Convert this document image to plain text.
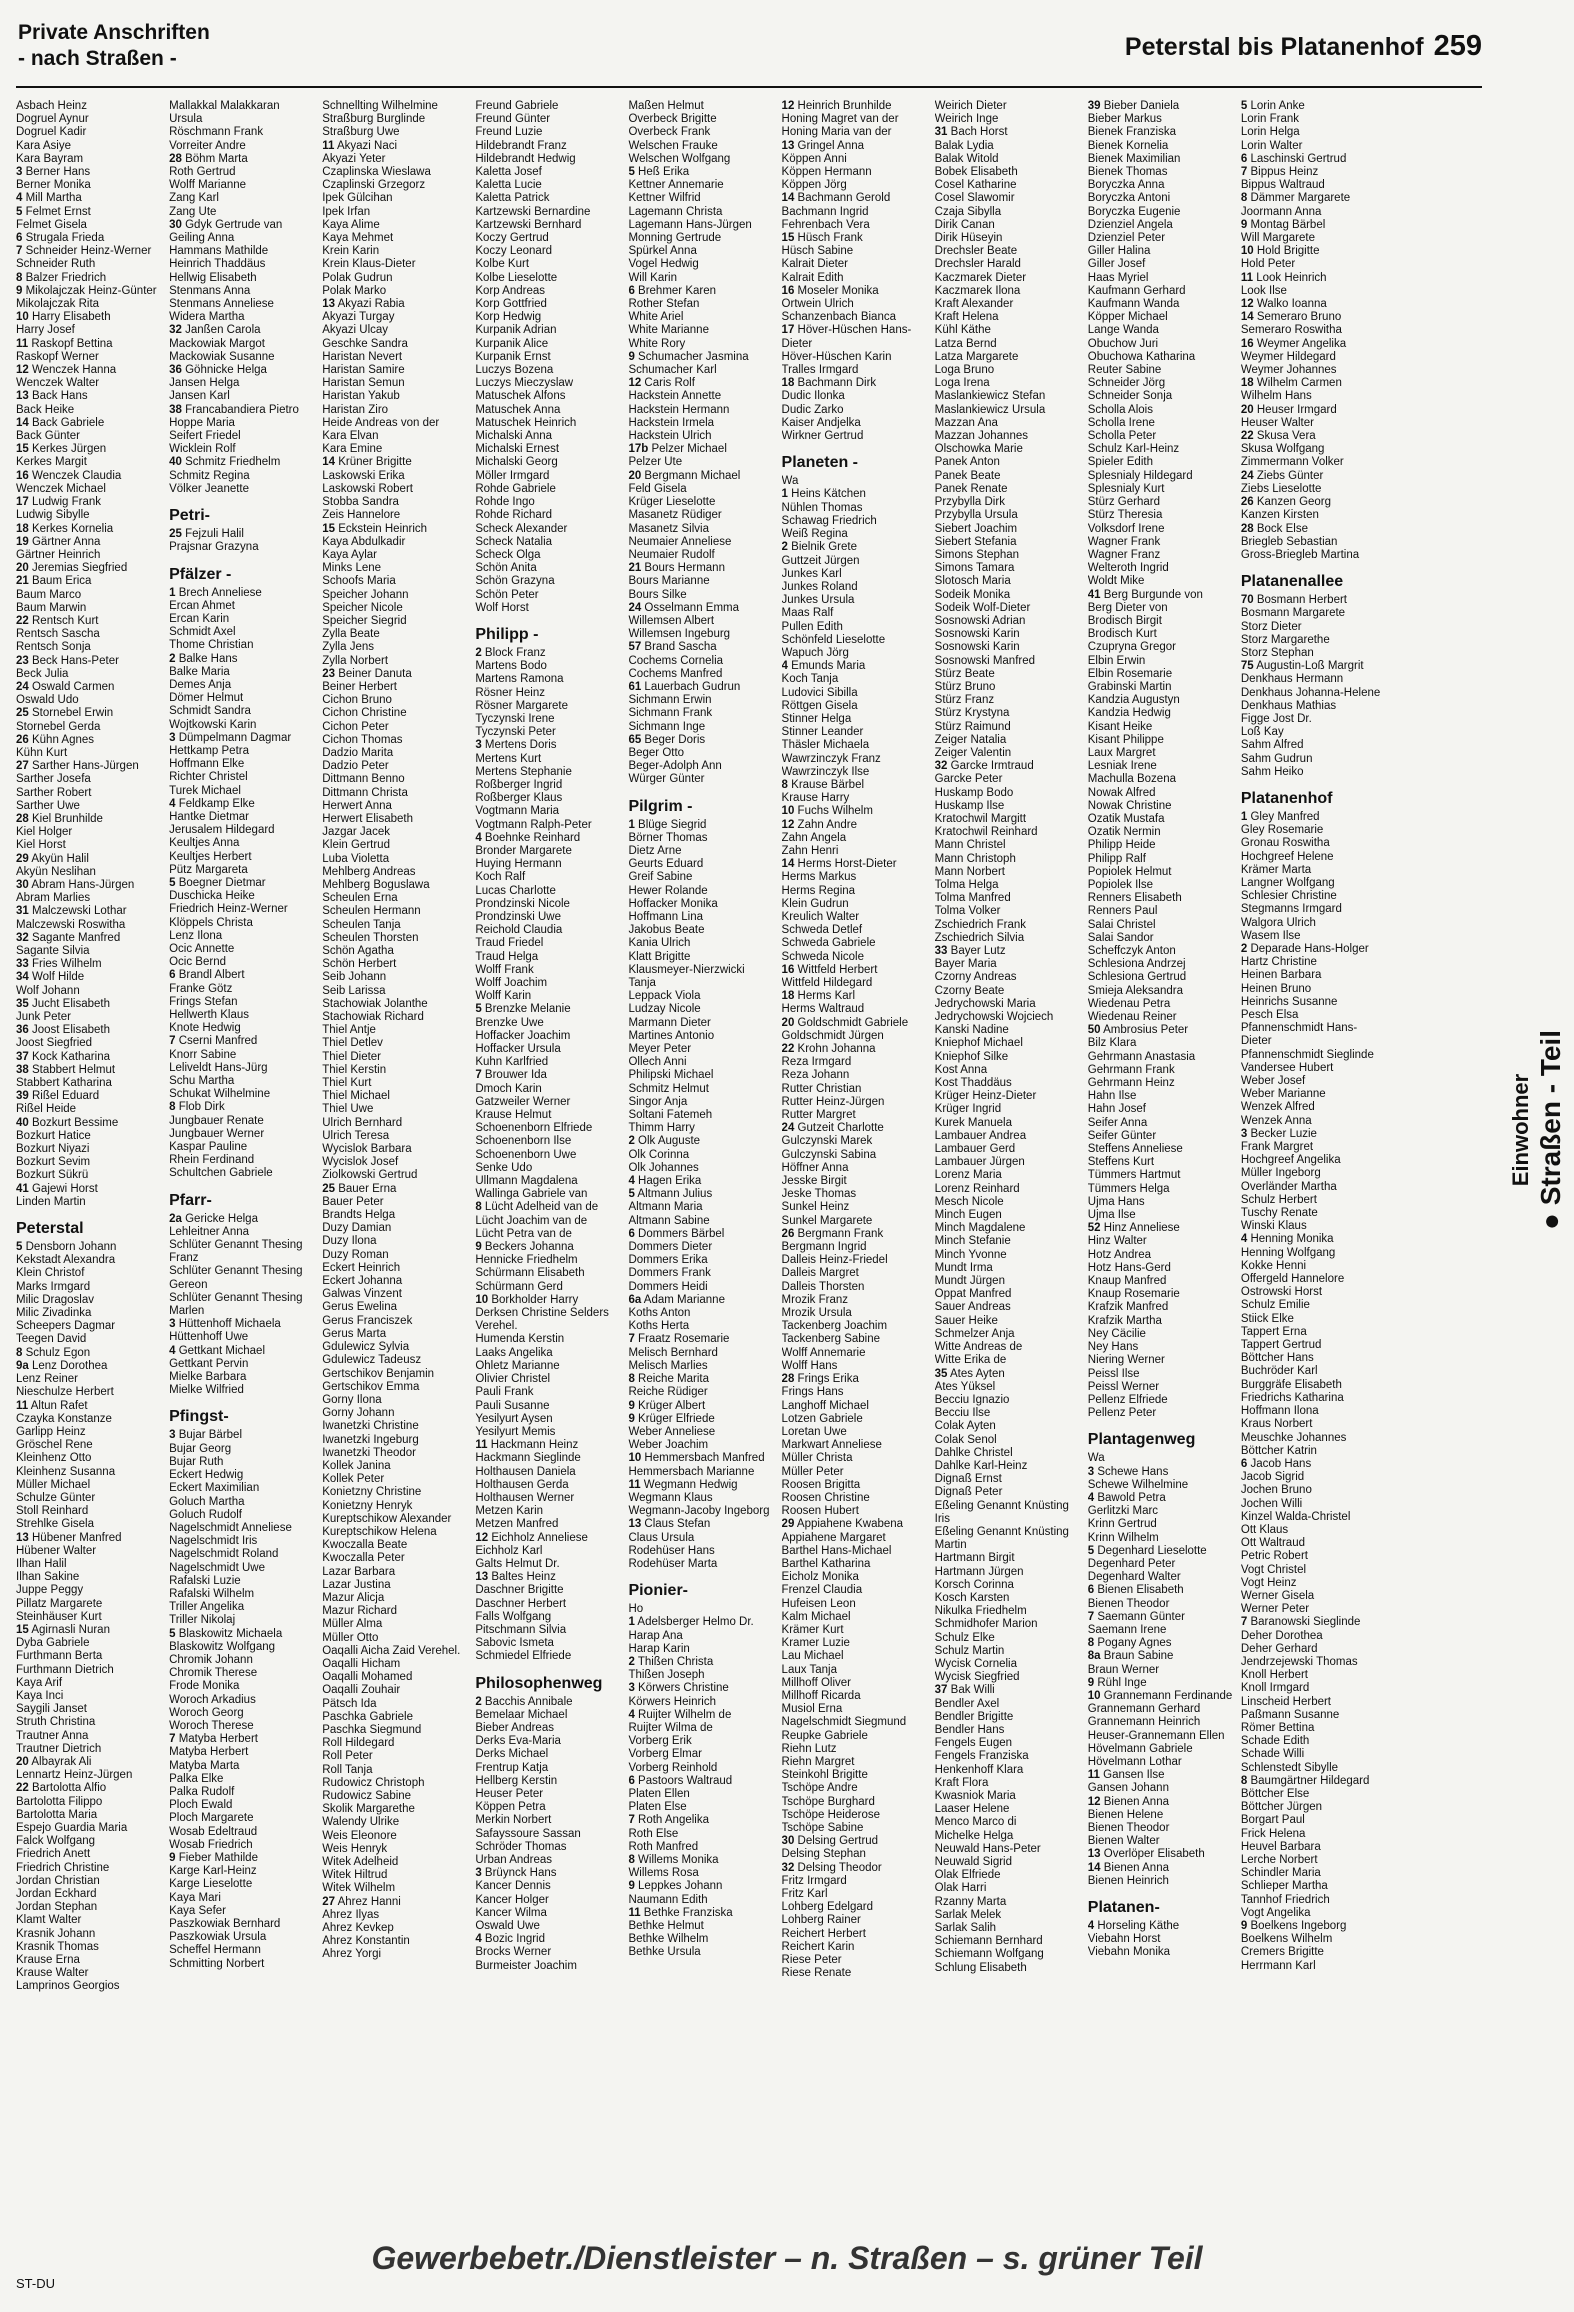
Private Anschriften
- nach Straßen -	Peterstal bis Platanenhof 259
Asbach Heinz
Dogruel Aynur
Dogruel Kadir
Kara Asiye
Kara Bayram
3 Berner Hans
Berner Monika
4 Mill Martha
5 Felmet Ernst
Felmet Gisela
6 Strugala Frieda
7 Schneider Heinz-Werner
Schneider Ruth
8 Balzer Friedrich
9 Mikolajczak Heinz-Günter
Mikolajczak Rita
10 Harry Elisabeth
Harry Josef
11 Raskopf Bettina
Raskopf Werner
12 Wenczek Hanna
Wenczek Walter
13 Back Hans
Back Heike
14 Back Gabriele
Back Günter
15 Kerkes Jürgen
Kerkes Margit
16 Wenczek Claudia
Wenczek Michael
17 Ludwig Frank
Ludwig Sibylle
18 Kerkes Kornelia
19 Gärtner Anna
Gärtner Heinrich
20 Jeremias Siegfried
21 Baum Erica
Baum Marco
Baum Marwin
22 Rentsch Kurt
Rentsch Sascha
Rentsch Sonja
23 Beck Hans-Peter
Beck Julia
24 Oswald Carmen
Oswald Udo
25 Stornebel Erwin
Stornebel Gerda
26 Kühn Agnes
Kühn Kurt
27 Sarther Hans-Jürgen
Sarther Josefa
Sarther Robert
Sarther Uwe
28 Kiel Brunhilde
Kiel Holger
Kiel Horst
29 Akyün Halil
Akyün Neslihan
30 Abram Hans-Jürgen
Abram Marlies
31 Malczewski Lothar
Malczewski Roswitha
32 Sagante Manfred
Sagante Silvia
33 Fries Wilhelm
34 Wolf Hilde
Wolf Johann
35 Jucht Elisabeth
Junk Peter
36 Joost Elisabeth
Joost Siegfried
37 Kock Katharina
38 Stabbert Helmut
Stabbert Katharina
39 Rißel Eduard
Rißel Heide
40 Bozkurt Bessime
Bozkurt Hatice
Bozkurt Niyazi
Bozkurt Sevim
Bozkurt Sükrü
41 Gajewi Horst
Linden Martin
Peterstal
5 Densborn Johann
Kekstadt Alexandra
Klein Christof
Marks Irmgard
Milic Dragoslav
Milic Zivadinka
Scheepers Dagmar
Teegen David
8 Schulz Egon
9a Lenz Dorothea
Lenz Reiner
Nieschulze Herbert
11 Altun Rafet
Czayka Konstanze
Garlipp Heinz
Gröschel Rene
Kleinhenz Otto
Kleinhenz Susanna
Müller Michael
Schulze Günter
Stoll Reinhard
Strehlke Gisela
13 Hübener Manfred
Hübener Walter
Ilhan Halil
Ilhan Sakine
Juppe Peggy
Pillatz Margarete
Steinhäuser Kurt
15 Agirnasli Nuran
Dyba Gabriele
Furthmann Berta
Furthmann Dietrich
Kaya Arif
Kaya Inci
Saygili Janset
Struth Christina
Trautner Anna
Trautner Dietrich
20 Albayrak Ali
Lennartz Heinz-Jürgen
22 Bartolotta Alfio
Bartolotta Filippo
Bartolotta Maria
Espejo Guardia Maria
Falck Wolfgang
Friedrich Anett
Friedrich Christine
Jordan Christian
Jordan Eckhard
Jordan Stephan
Klamt Walter
Krasnik Johann
Krasnik Thomas
Krause Erna
Krause Walter
Lamprinos Georgios
Mallakkal Malakkaran
Ursula
Röschmann Frank
Vorreiter Andre
28 Böhm Marta
Roth Gertrud
Wolff Marianne
Zang Karl
Zang Ute
30 Gdyk Gertrude van
Geiling Anna
Hammans Mathilde
Heinrich Thaddäus
Hellwig Elisabeth
Stenmans Anna
Stenmans Anneliese
Widera Martha
32 Janßen Carola
Mackowiak Margot
Mackowiak Susanne
36 Göhnicke Helga
Jansen Helga
Jansen Karl
38 Francabandiera Pietro
Hoppe Maria
Seifert Friedel
Wicklein Rolf
40 Schmitz Friedhelm
Schmitz Regina
Völker Jeanette
Petri-
25 Fejzuli Halil
Prajsnar Grazyna
Pfälzer -
1 Brech Anneliese
Ercan Ahmet
Ercan Karin
Schmidt Axel
Thome Christian
2 Balke Hans
Balke Maria
Demes Anja
Dömer Helmut
Schmidt Sandra
Wojtkowski Karin
3 Dümpelmann Dagmar
Hettkamp Petra
Hoffmann Elke
Richter Christel
Turek Michael
4 Feldkamp Elke
Hantke Dietmar
Jerusalem Hildegard
Keultjes Anna
Keultjes Herbert
Pütz Margareta
5 Boegner Dietmar
Duschicka Heike
Friedrich Heinz-Werner
Klöppels Christa
Lenz Ilona
Ocic Annette
Ocic Bernd
6 Brandl Albert
Franke Götz
Frings Stefan
Hellwerth Klaus
Knote Hedwig
7 Cserni Manfred
Knorr Sabine
Leliveldt Hans-Jürg
Schu Martha
Schukat Wilhelmine
8 Flob Dirk
Jungbauer Renate
Jungbauer Werner
Kaspar Pauline
Rhein Ferdinand
Schultchen Gabriele
Pfarr-
2a Gericke Helga
Lehleitner Anna
Schlüter Genannt Thesing
Franz
Schlüter Genannt Thesing
Gereon
Schlüter Genannt Thesing
Marlen
3 Hüttenhoff Michaela
Hüttenhoff Uwe
4 Gettkant Michael
Gettkant Pervin
Mielke Barbara
Mielke Wilfried
Pfingst-
3 Bujar Bärbel
Bujar Georg
Bujar Ruth
Eckert Hedwig
Eckert Maximilian
Goluch Martha
Goluch Rudolf
Nagelschmidt Anneliese
Nagelschmidt Iris
Nagelschmidt Roland
Nagelschmidt Uwe
Rafalski Luzie
Rafalski Wilhelm
Triller Angelika
Triller Nikolaj
5 Blaskowitz Michaela
Blaskowitz Wolfgang
Chromik Johann
Chromik Therese
Frode Monika
Woroch Arkadius
Woroch Georg
Woroch Therese
7 Matyba Herbert
Matyba Herbert
Matyba Marta
Palka Elke
Palka Rudolf
Ploch Ewald
Ploch Margarete
Wosab Edeltraud
Wosab Friedrich
9 Fieber Mathilde
Karge Karl-Heinz
Karge Lieselotte
Kaya Mari
Kaya Sefer
Paszkowiak Bernhard
Paszkowiak Ursula
Scheffel Hermann
Schmitting Norbert
Schnellting Wilhelmine
Straßburg Burglinde
Straßburg Uwe
11 Akyazi Naci
Akyazi Yeter
Czaplinska Wieslawa
Czaplinski Grzegorz
Ipek Gülcihan
Ipek Irfan
Kaya Alime
Kaya Mehmet
Krein Karin
Krein Klaus-Dieter
Polak Gudrun
Polak Marko
13 Akyazi Rabia
Akyazi Turgay
Akyazi Ulcay
Geschke Sandra
Haristan Nevert
Haristan Samire
Haristan Semun
Haristan Yakub
Haristan Ziro
Heide Andreas von der
Kara Elvan
Kara Emine
14 Krüner Brigitte
Laskowski Erika
Laskowski Robert
Stobba Sandra
Zeis Hannelore
15 Eckstein Heinrich
Kaya Abdulkadir
Kaya Aylar
Minks Lene
Schoofs Maria
Speicher Johann
Speicher Nicole
Speicher Siegrid
Zylla Beate
Zylla Jens
Zylla Norbert
23 Beiner Danuta
Beiner Herbert
Cichon Bruno
Cichon Christine
Cichon Peter
Cichon Thomas
Dadzio Marita
Dadzio Peter
Dittmann Benno
Dittmann Christa
Herwert Anna
Herwert Elisabeth
Jazgar Jacek
Klein Gertrud
Luba Violetta
Mehlberg Andreas
Mehlberg Boguslawa
Scheulen Erna
Scheulen Hermann
Scheulen Tanja
Scheulen Thorsten
Schön Agatha
Schön Herbert
Seib Johann
Seib Larissa
Stachowiak Jolanthe
Stachowiak Richard
Thiel Antje
Thiel Detlev
Thiel Dieter
Thiel Kerstin
Thiel Kurt
Thiel Michael
Thiel Uwe
Ulrich Bernhard
Ulrich Teresa
Wycislok Barbara
Wycislok Josef
Ziolkowski Gertrud
25 Bauer Erna
Bauer Peter
Brandts Helga
Duzy Damian
Duzy Ilona
Duzy Roman
Eckert Heinrich
Eckert Johanna
Galwas Vinzent
Gerus Ewelina
Gerus Franciszek
Gerus Marta
Gdulewicz Sylvia
Gdulewicz Tadeusz
Gertschikov Benjamin
Gertschikov Emma
Gorny Ilona
Gorny Johann
Iwanetzki Christine
Iwanetzki Ingeburg
Iwanetzki Theodor
Kollek Janina
Kollek Peter
Konietzny Christine
Konietzny Henryk
Kureptschikow Alexander
Kureptschikow Helena
Kwoczalla Beate
Kwoczalla Peter
Lazar Barbara
Lazar Justina
Mazur Alicja
Mazur Richard
Müller Alma
Müller Otto
Oaqalli Aicha Zaid Verehel.
Oaqalli Hicham
Oaqalli Mohamed
Oaqalli Zouhair
Pätsch Ida
Paschka Gabriele
Paschka Siegmund
Roll Hildegard
Roll Peter
Roll Tanja
Rudowicz Christoph
Rudowicz Sabine
Skolik Margarethe
Walendy Ulrike
Weis Eleonore
Weis Henryk
Witek Adelheid
Witek Hiltrud
Witek Wilhelm
27 Ahrez Hanni
Ahrez Ilyas
Ahrez Kevkep
Ahrez Konstantin
Ahrez Yorgi
Freund Gabriele
Freund Günter
Freund Luzie
Hildebrandt Franz
Hildebrandt Hedwig
Kaletta Josef
Kaletta Lucie
Kaletta Patrick
Kartzewski Bernardine
Kartzewski Bernhard
Koczy Gertrud
Koczy Leonard
Kolbe Kurt
Kolbe Lieselotte
Korp Andreas
Korp Gottfried
Korp Hedwig
Kurpanik Adrian
Kurpanik Alice
Kurpanik Ernst
Luczys Bozena
Luczys Mieczyslaw
Matuschek Alfons
Matuschek Anna
Matuschek Heinrich
Michalski Anna
Michalski Ernest
Michalski Georg
Möller Irmgard
Rohde Gabriele
Rohde Ingo
Rohde Richard
Scheck Alexander
Scheck Natalia
Scheck Olga
Schön Anita
Schön Grazyna
Schön Peter
Wolf Horst
Philipp -
2 Block Franz
Martens Bodo
Martens Ramona
Rösner Heinz
Rösner Margarete
Tyczynski Irene
Tyczynski Peter
3 Mertens Doris
Mertens Kurt
Mertens Stephanie
Roßberger Ingrid
Roßberger Klaus
Vogtmann Maria
Vogtmann Ralph-Peter
4 Boehnke Reinhard
Bronder Margarete
Huying Hermann
Koch Ralf
Lucas Charlotte
Prondzinski Nicole
Prondzinski Uwe
Reichold Claudia
Traud Friedel
Traud Helga
Wolff Frank
Wolff Joachim
Wolff Karin
5 Brenzke Melanie
Brenzke Uwe
Hoffacker Joachim
Hoffacker Ursula
Kuhn Karlfried
7 Brouwer Ida
Dmoch Karin
Gatzweiler Werner
Krause Helmut
Schoenenborn Elfriede
Schoenenborn Ilse
Schoenenborn Uwe
Senke Udo
Ullmann Magdalena
Wallinga Gabriele van
8 Lücht Adelheid van de
Lücht Joachim van de
Lücht Petra van de
9 Beckers Johanna
Hennicke Friedhelm
Schürmann Elisabeth
Schürmann Gerd
10 Borkholder Harry
Derksen Christine Selders
Verehel.
Humenda Kerstin
Laaks Angelika
Ohletz Marianne
Olivier Christel
Pauli Frank
Pauli Susanne
Yesilyurt Aysen
Yesilyurt Memis
11 Hackmann Heinz
Hackmann Sieglinde
Holthausen Daniela
Holthausen Gerda
Holthausen Werner
Metzen Karin
Metzen Manfred
12 Eichholz Anneliese
Eichholz Karl
Galts Helmut Dr.
13 Baltes Heinz
Daschner Brigitte
Daschner Herbert
Falls Wolfgang
Pitschmann Silvia
Sabovic Ismeta
Schmiedel Elfriede
Philosophenweg
2 Bacchis Annibale
Bemelaar Michael
Bieber Andreas
Derks Eva-Maria
Derks Michael
Frentrup Katja
Hellberg Kerstin
Heuser Peter
Köppen Petra
Merkin Norbert
Safayssoure Sassan
Schröder Thomas
Urban Andreas
3 Brüynck Hans
Kancer Dennis
Kancer Holger
Kancer Wilma
Oswald Uwe
4 Bozic Ingrid
Brocks Werner
Burmeister Joachim
Maßen Helmut
Overbeck Brigitte
Overbeck Frank
Welschen Frauke
Welschen Wolfgang
5 Heß Erika
Kettner Annemarie
Kettner Wilfrid
Lagemann Christa
Lagemann Hans-Jürgen
Monning Gertrude
Spürkel Anna
Vogel Hedwig
Will Karin
6 Brehmer Karen
Rother Stefan
White Ariel
White Marianne
White Rory
9 Schumacher Jasmina
Schumacher Karl
12 Caris Rolf
Hackstein Annette
Hackstein Hermann
Hackstein Irmela
Hackstein Ulrich
17b Pelzer Michael
Pelzer Ute
20 Bergmann Michael
Feld Gisela
Krüger Lieselotte
Masanetz Rüdiger
Masanetz Silvia
Neumaier Anneliese
Neumaier Rudolf
21 Bours Hermann
Bours Marianne
Bours Silke
24 Osselmann Emma
Willemsen Albert
Willemsen Ingeburg
57 Brand Sascha
Cochems Cornelia
Cochems Manfred
61 Lauerbach Gudrun
Sichmann Erwin
Sichmann Frank
Sichmann Inge
65 Beger Doris
Beger Otto
Beger-Adolph Ann
Würger Günter
Pilgrim -
1 Blüge Siegrid
Börner Thomas
Dietz Arne
Geurts Eduard
Greif Sabine
Hewer Rolande
Hoffacker Monika
Hoffmann Lina
Jakobus Beate
Kania Ulrich
Klatt Brigitte
Klausmeyer-Nierzwicki
Tanja
Leppack Viola
Ludzay Nicole
Marmann Dieter
Martines Antonio
Meyer Peter
Ollech Anni
Philipski Michael
Schmitz Helmut
Singor Anja
Soltani Fatemeh
Thimm Harry
2 Olk Auguste
Olk Corinna
Olk Johannes
4 Hagen Erika
5 Altmann Julius
Altmann Maria
Altmann Sabine
6 Dommers Bärbel
Dommers Dieter
Dommers Erika
Dommers Frank
Dommers Heidi
6a Adam Marianne
Koths Anton
Koths Herta
7 Fraatz Rosemarie
Melisch Bernhard
Melisch Marlies
8 Reiche Marita
Reiche Rüdiger
9 Krüger Albert
9 Krüger Elfriede
Weber Anneliese
Weber Joachim
10 Hemmersbach Manfred
Hemmersbach Marianne
11 Wegmann Hedwig
Wegmann Klaus
Wegmann-Jacoby Ingeborg
13 Claus Stefan
Claus Ursula
Rodehüser Hans
Rodehüser Marta
Pionier-
Ho
1 Adelsberger Helmo Dr.
Harap Ana
Harap Karin
2 Thißen Christa
Thißen Joseph
3 Körwers Christine
Körwers Heinrich
4 Ruijter Wilhelm de
Ruijter Wilma de
Vorberg Erik
Vorberg Elmar
Vorberg Reinhold
6 Pastoors Waltraud
Platen Ellen
Platen Else
7 Roth Angelika
Roth Else
Roth Manfred
8 Willems Monika
Willems Rosa
9 Leppkes Johann
Naumann Edith
11 Bethke Franziska
Bethke Helmut
Bethke Wilhelm
Bethke Ursula
12 Heinrich Brunhilde
Honing Magret van der
Honing Maria van der
13 Gringel Anna
Köppen Anni
Köppen Hermann
Köppen Jörg
14 Bachmann Gerold
Bachmann Ingrid
Fehrenbach Vera
15 Hüsch Frank
Hüsch Sabine
Kalrait Dieter
Kalrait Edith
16 Moseler Monika
Ortwein Ulrich
Schanzenbach Bianca
17 Höver-Hüschen Hans-
Dieter
Höver-Hüschen Karin
Tralles Irmgard
18 Bachmann Dirk
Dudic Ilonka
Dudic Zarko
Kaiser Andjelka
Wirkner Gertrud
Planeten -
Wa
1 Heins Kätchen
Nühlen Thomas
Schawag Friedrich
Weiß Regina
2 Bielnik Grete
Guttzeit Jürgen
Junkes Karl
Junkes Roland
Junkes Ursula
Maas Ralf
Pullen Edith
Schönfeld Lieselotte
Wapuch Jörg
4 Emunds Maria
Koch Tanja
Ludovici Sibilla
Röttgen Gisela
Stinner Helga
Stinner Leander
Thäsler Michaela
Wawrzinczyk Franz
Wawrzinczyk Ilse
8 Krause Bärbel
Krause Harry
10 Fuchs Wilhelm
12 Zahn Andre
Zahn Angela
Zahn Henri
14 Herms Horst-Dieter
Herms Markus
Herms Regina
Klein Gudrun
Kreulich Walter
Schweda Detlef
Schweda Gabriele
Schweda Nicole
16 Wittfeld Herbert
Wittfeld Hildegard
18 Herms Karl
Herms Waltraud
20 Goldschmidt Gabriele
Goldschmidt Jürgen
22 Krohn Johanna
Reza Irmgard
Reza Johann
Rutter Christian
Rutter Heinz-Jürgen
Rutter Margret
24 Gutzeit Charlotte
Gulczynski Marek
Gulczynski Sabina
Höffner Anna
Jesske Birgit
Jeske Thomas
Sunkel Heinz
Sunkel Margarete
26 Bergmann Frank
Bergmann Ingrid
Dalleis Heinz-Friedel
Dalleis Margret
Dalleis Thorsten
Mrozik Franz
Mrozik Ursula
Tackenberg Joachim
Tackenberg Sabine
Wolff Annemarie
Wolff Hans
28 Frings Erika
Frings Hans
Langhoff Michael
Lotzen Gabriele
Loretan Uwe
Markwart Anneliese
Müller Christa
Müller Peter
Roosen Brigitta
Roosen Christine
Roosen Hubert
29 Appiahene Kwabena
Appiahene Margaret
Barthel Hans-Michael
Barthel Katharina
Eicholz Monika
Frenzel Claudia
Hufeisen Leon
Kalm Michael
Krämer Kurt
Kramer Luzie
Lau Michael
Laux Tanja
Millhoff Oliver
Millhoff Ricarda
Musiol Erna
Nagelschmidt Siegmund
Reupke Gabriele
Riehn Lutz
Riehn Margret
Steinkohl Brigitte
Tschöpe Andre
Tschöpe Burghard
Tschöpe Heiderose
Tschöpe Sabine
30 Delsing Gertrud
Delsing Stephan
32 Delsing Theodor
Fritz Irmgard
Fritz Karl
Lohberg Edelgard
Lohberg Rainer
Reichert Herbert
Reichert Karin
Riese Peter
Riese Renate
Weirich Dieter
Weirich Inge
31 Bach Horst
Balak Lydia
Balak Witold
Bobek Elisabeth
Cosel Katharine
Cosel Slawomir
Czaja Sibylla
Dirik Canan
Dirik Hüseyin
Drechsler Beate
Drechsler Harald
Kaczmarek Dieter
Kaczmarek Ilona
Kraft Alexander
Kraft Helena
Kühl Käthe
Latza Bernd
Latza Margarete
Loga Bruno
Loga Irena
Maslankiewicz Stefan
Maslankiewicz Ursula
Mazzan Ana
Mazzan Johannes
Olschowka Marie
Panek Anton
Panek Beate
Panek Renate
Przybylla Dirk
Przybylla Ursula
Siebert Joachim
Siebert Stefania
Simons Stephan
Simons Tamara
Slotosch Maria
Sodeik Monika
Sodeik Wolf-Dieter
Sosnowski Adrian
Sosnowski Karin
Sosnowski Karin
Sosnowski Manfred
Stürz Beate
Stürz Bruno
Stürz Franz
Stürz Krystyna
Stürz Raimund
Zeiger Natalia
Zeiger Valentin
32 Garcke Irmtraud
Garcke Peter
Huskamp Bodo
Huskamp Ilse
Kratochwil Margitt
Kratochwil Reinhard
Mann Christel
Mann Christoph
Mann Norbert
Tolma Helga
Tolma Manfred
Tolma Volker
Zschiedrich Frank
Zschiedrich Silvia
33 Bayer Lutz
Bayer Maria
Czorny Andreas
Czorny Beate
Jedrychowski Maria
Jedrychowski Wojciech
Kanski Nadine
Kniephof Michael
Kniephof Silke
Kost Anna
Kost Thaddäus
Krüger Heinz-Dieter
Krüger Ingrid
Kurek Manuela
Lambauer Andrea
Lambauer Gerd
Lambauer Jürgen
Lorenz Maria
Lorenz Reinhard
Mesch Nicole
Minch Eugen
Minch Magdalene
Minch Stefanie
Minch Yvonne
Mundt Irma
Mundt Jürgen
Oppat Manfred
Sauer Andreas
Sauer Heike
Schmelzer Anja
Witte Andreas de
Witte Erika de
35 Ates Ayten
Ates Yüksel
Becciu Ignazio
Becciu Ilse
Colak Ayten
Colak Senol
Dahlke Christel
Dahlke Karl-Heinz
Dignaß Ernst
Dignaß Peter
Eßeling Genannt Knüsting
Iris
Eßeling Genannt Knüsting
Martin
Hartmann Birgit
Hartmann Jürgen
Korsch Corinna
Kosch Karsten
Nikulka Friedhelm
Schmidhofer Marion
Schulz Elke
Schulz Martin
Wycisk Cornelia
Wycisk Siegfried
37 Bak Willi
Bendler Axel
Bendler Brigitte
Bendler Hans
Fengels Eugen
Fengels Franziska
Henkenhoff Klara
Kraft Flora
Kwasniok Maria
Laaser Helene
Menco Marco di
Michelke Helga
Neuwald Hans-Peter
Neuwald Sigrid
Olak Elfriede
Olak Harri
Rzanny Marta
Sarlak Melek
Sarlak Salih
Schiemann Bernhard
Schiemann Wolfgang
Schlung Elisabeth
39 Bieber Daniela
Bieber Markus
Bienek Franziska
Bienek Kornelia
Bienek Maximilian
Bienek Thomas
Boryczka Anna
Boryczka Antoni
Boryczka Eugenie
Dzienziel Angela
Dzienziel Peter
Giller Halina
Giller Josef
Haas Myriel
Kaufmann Gerhard
Kaufmann Wanda
Köpper Michael
Lange Wanda
Obuchow Juri
Obuchowa Katharina
Reuter Sabine
Schneider Jörg
Schneider Sonja
Scholla Alois
Scholla Irene
Scholla Peter
Schulz Karl-Heinz
Spieler Edith
Splesnialy Hildegard
Splesnialy Kurt
Stürz Gerhard
Stürz Theresia
Volksdorf Irene
Wagner Frank
Wagner Franz
Welteroth Ingrid
Woldt Mike
41 Berg Burgunde von
Berg Dieter von
Brodisch Birgit
Brodisch Kurt
Czupryna Gregor
Elbin Erwin
Elbin Rosemarie
Grabinski Martin
Kandzia Augustyn
Kandzia Hedwig
Kisant Heike
Kisant Philippe
Laux Margret
Lesniak Irene
Machulla Bozena
Nowak Alfred
Nowak Christine
Özatik Mustafa
Özatik Nermin
Philipp Heide
Philipp Ralf
Popiolek Helmut
Popiolek Ilse
Renners Elisabeth
Renners Paul
Salai Christel
Salai Sandor
Scheffczyk Anton
Schlesiona Andrzej
Schlesiona Gertrud
Smieja Aleksandra
Wiedenau Petra
Wiedenau Reiner
50 Ambrosius Peter
Bilz Klara
Gehrmann Anastasia
Gehrmann Frank
Gehrmann Heinz
Hahn Ilse
Hahn Josef
Seifer Anna
Seifer Günter
Steffens Anneliese
Steffens Kurt
Tümmers Hartmut
Tümmers Helga
Ujma Hans
Ujma Ilse
52 Hinz Anneliese
Hinz Walter
Hotz Andrea
Hotz Hans-Gerd
Knaup Manfred
Knaup Rosemarie
Krafzik Manfred
Krafzik Martha
Ney Cäcilie
Ney Hans
Niering Werner
Peissl Ilse
Peissl Werner
Pellenz Elfriede
Pellenz Peter
Plantagenweg
Wa
3 Schewe Hans
Schewe Wilhelmine
4 Bawold Petra
Gerlitzki Marc
Krinn Gertrud
Krinn Wilhelm
5 Degenhard Lieselotte
Degenhard Peter
Degenhard Walter
6 Bienen Elisabeth
Bienen Theodor
7 Saemann Günter
Saemann Irene
8 Pogany Agnes
8a Braun Sabine
Braun Werner
9 Rühl Inge
10 Grannemann Ferdinande
Grannemann Gerhard
Grannemann Heinrich
Heuser-Grannemann Ellen
Hövelmann Gabriele
Hövelmann Lothar
11 Gansen Ilse
Gansen Johann
12 Bienen Anna
Bienen Helene
Bienen Theodor
Bienen Walter
13 Overlöper Elisabeth
14 Bienen Anna
Bienen Heinrich
Platanen-
4 Horseling Käthe
Viebahn Horst
Viebahn Monika
5 Lorin Anke
Lorin Frank
Lorin Helga
Lorin Walter
6 Laschinski Gertrud
7 Bippus Heinz
Bippus Waltraud
8 Dämmer Margarete
Joormann Anna
9 Montag Bärbel
Will Margarete
10 Hold Brigitte
Hold Peter
11 Look Heinrich
Look Ilse
12 Walko Ioanna
14 Semeraro Bruno
Semeraro Roswitha
16 Weymer Angelika
Weymer Hildegard
Weymer Johannes
18 Wilhelm Carmen
Wilhelm Hans
20 Heuser Irmgard
Heuser Walter
22 Skusa Vera
Skusa Wolfgang
Zimmermann Volker
24 Ziebs Günter
Ziebs Lieselotte
26 Kanzen Georg
Kanzen Kirsten
28 Bock Else
Briegleb Sebastian
Gross-Briegleb Martina
Platanenallee
70 Bosmann Herbert
Bosmann Margarete
Storz Dieter
Storz Margarethe
Storz Stephan
75 Augustin-Loß Margrit
Denkhaus Hermann
Denkhaus Johanna-Helene
Denkhaus Mathias
Figge Jost Dr.
Loß Kay
Sahm Alfred
Sahm Gudrun
Sahm Heiko
Platanenhof
1 Gley Manfred
Gley Rosemarie
Gronau Roswitha
Hochgreef Helene
Krämer Marta
Langner Wolfgang
Schlesier Christine
Stegmanns Irmgard
Walgora Ulrich
Wasem Ilse
2 Deparade Hans-Holger
Hartz Christine
Heinen Barbara
Heinen Bruno
Heinrichs Susanne
Pesch Elsa
Pfannenschmidt Hans-
Dieter
Pfannenschmidt Sieglinde
Vandersee Hubert
Weber Josef
Weber Marianne
Wenzek Alfred
Wenzek Anna
3 Becker Luzie
Frank Margret
Hochgreef Angelika
Müller Ingeborg
Overländer Martha
Schulz Herbert
Tuschy Renate
Winski Klaus
4 Henning Monika
Henning Wolfgang
Kokke Henni
Offergeld Hannelore
Ostrowski Horst
Schulz Emilie
Stiick Elke
Tappert Erna
Tappert Gertrud
Böttcher Hans
Buchröder Karl
Burggräfe Elisabeth
Friedrichs Katharina
Hoffmann Ilona
Kraus Norbert
Meuschke Johannes
Böttcher Katrin
6 Jacob Hans
Jacob Sigrid
Jochen Bruno
Jochen Willi
Kinzel Walda-Christel
Ott Klaus
Ott Waltraud
Petric Robert
Vogt Christel
Vogt Heinz
Werner Gisela
Werner Peter
7 Baranowski Sieglinde
Deher Dorothea
Deher Gerhard
Jendrzejewski Thomas
Knoll Herbert
Knoll Irmgard
Linscheid Herbert
Paßmann Susanne
Römer Bettina
Schade Edith
Schade Willi
Schlenstedt Sibylle
8 Baumgärtner Hildegard
Böttcher Else
Böttcher Jürgen
Borgart Paul
Frick Helena
Heuvel Barbara
Lerche Norbert
Schindler Maria
Schlieper Martha
Tannhof Friedrich
Vogt Angelika
9 Boelkens Ingeborg
Boelkens Wilhelm
Cremers Brigitte
Herrmann Karl
Einwohner ● Straßen - Teil
Gewerbebetr./Dienstleister – n. Straßen – s. grüner Teil
ST-DU
